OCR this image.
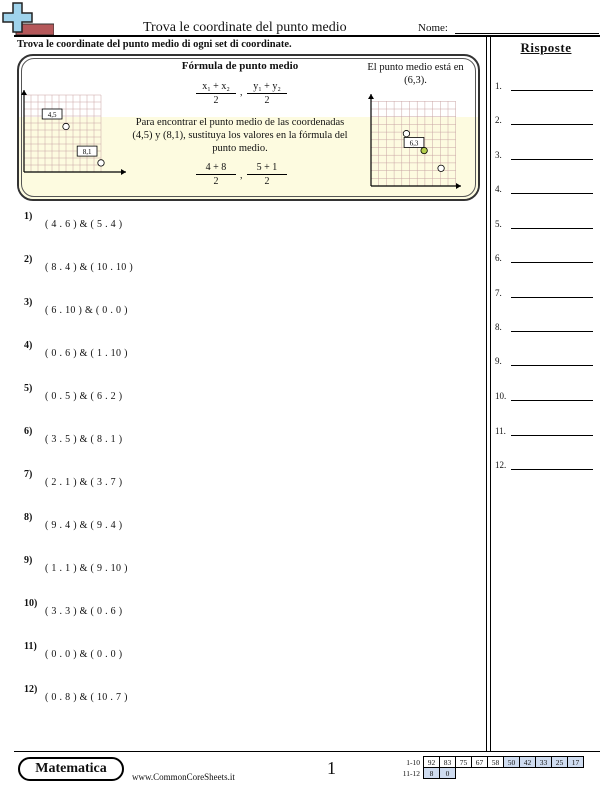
Trova le coordinate del punto medio	Nome:
Trova le coordinate del punto medio di ogni set di coordinate.
4,5
8,1
6,3
Fórmula de punto medio
$\frac{\text{x₁ + x₂}}{2}$ , $\frac{\text{y₁ + y₂}}{2}$
Para encontrar el punto medio de las coordenadas (4,5) y (8,1), sustituya los valores en la fórmula del punto medio.
$\frac{4 + 8}{2}$ , $\frac{5 + 1}{2}$
El punto medio está en (6,3).
1)
( 4 . 6 ) & ( 5 . 4 )
2)
( 8 . 4 ) & ( 10 . 10 )
3)
( 6 . 10 ) & ( 0 . 0 )
4)
( 0 . 6 ) & ( 1 . 10 )
5)
( 0 . 5 ) & ( 6 . 2 )
6)
( 3 . 5 ) & ( 8 . 1 )
7)
( 2 . 1 ) & ( 3 . 7 )
8)
( 9 . 4 ) & ( 9 . 4 )
9)
( 1 . 1 ) & ( 9 . 10 )
10)
( 3 . 3 ) & ( 0 . 6 )
11)
( 0 . 0 ) & ( 0 . 0 )
12)
( 0 . 8 ) & ( 10 . 7 )
Risposte
1.
2.
3.
4.
5.
6.
7.
8.
9.
10.
11.
12.
Matematica
www.CommonCoreSheets.it	1	1-10	92	83	75	67	58	50	42	33	25	17
11-12	8	0								
